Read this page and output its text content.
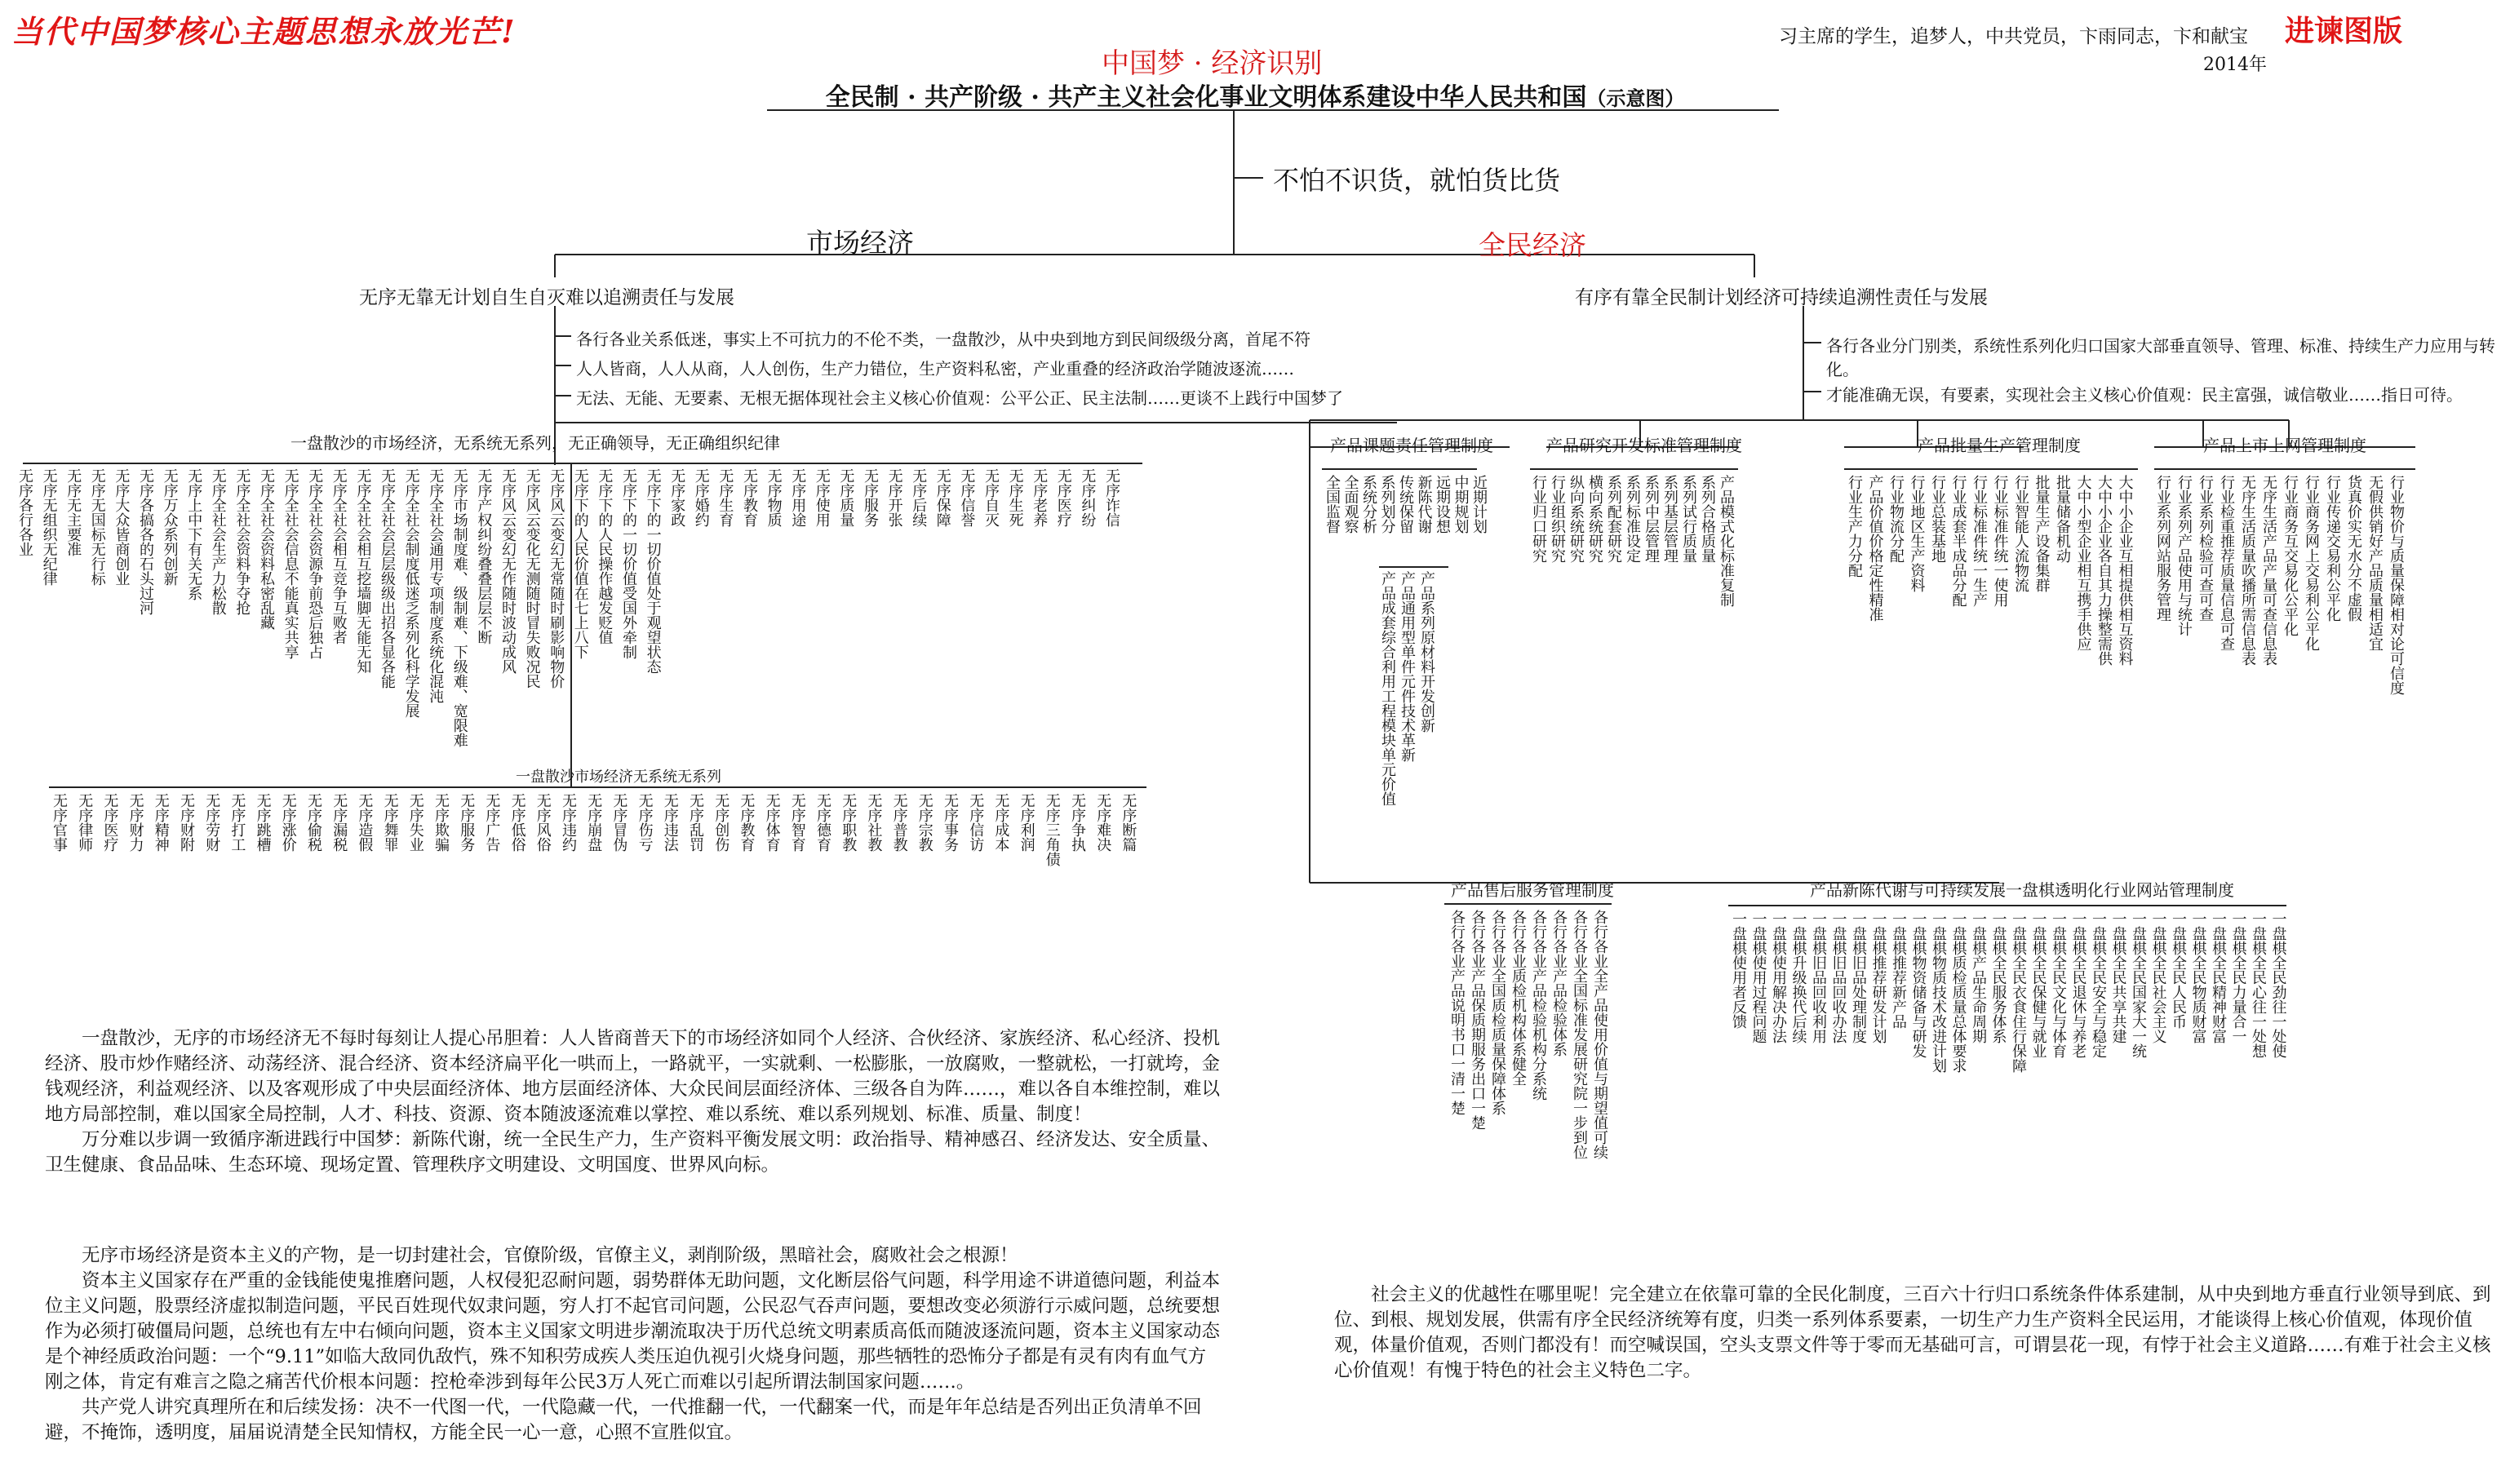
当代中国梦核心主题思想永放光芒!	进谏图版
习主席的学生，追梦人，中共党员，卞雨同志，卞和献宝
2014年
中国梦 · 经济识别
全民制 · 共产阶级 · 共产主义社会化事业文明体系建设中华人民共和国（示意图）
不怕不识货，就怕货比货
市场经济	全民经济
无序无靠无计划自生自灭难以追溯责任与发展	有序有靠全民制计划经济可持续追溯性责任与发展
各行各业关系低迷，事实上不可抗力的不伦不类，一盘散沙，从中央到地方到民间级级分离，首尾不符
人人皆商，人人从商，人人创伤，生产力错位，生产资料私密，产业重叠的经济政治学随波逐流……
无法、无能、无要素、无根无据体现社会主义核心价值观：公平公正、民主法制……更谈不上践行中国梦了
各行各业分门别类，系统性系列化归口国家大部垂直领导、管理、标准、持续生产力应用与转化。
才能准确无误，有要素，实现社会主义核心价值观：民主富强，诚信敬业……指日可待。
一盘散沙的市场经济，无系统无系列，无正确领导，无正确组织纪律
一盘散沙市场经济无系统无系列
产品课题责任管理制度	产品研究开发标准管理制度	产品批量生产管理制度	产品上市上网管理制度
产品售后服务管理制度	产品新陈代谢与可持续发展一盘棋透明化行业网站管理制度
无序各行各业 无序无组织无纪律 无序无主要准 无序无国标无行标 无序大众皆商创业 无序各搞各的石头过河 无序万众系列创新 无序上中下有关无系 无序全社会生产力松散 无序全社会资料争夺抢 无序全社会资料私密乱藏 无序全社会信息不能真实共享 无序全社会资源争前恐后独占 无序全社会相互竞争互败者 无序全社会相互挖墙脚无能无知 无序全社会层层级级出招各显各能 无序全社会制度低迷乏系列化科学发展 无序全社会通用专项制度系统化混沌 无序市场制度难、级制难、下级难、宽限难 无序产权纠纷叠叠层层不断 无序风云变幻无作随时波动成风 无序风云变化无测随时冒失败况民 无序风云变幻无常随时刷影响物价 无序下的人民价值在七上八下 无序下的人民操作越发贬值 无序下的一切价值受国外牵制 无序下的一切价值处于观望状态 无序家政 无序婚约 无序生育 无序教育 无序物质 无序用途 无序使用 无序质量 无序服务 无序开张 无序后续 无序保障 无序信誉 无序自灭 无序生死 无序老养 无序医疗 无序纠纷 无序诈信
无序官事 无序律师 无序医疗 无序财力 无序精神 无序财附 无序劳财 无序打工 无序跳槽 无序涨价 无序偷税 无序漏税 无序造假 无序舞罪 无序失业 无序欺骗 无序服务 无序广告 无序低俗 无序风俗 无序违约 无序崩盘 无序冒伪 无序伤亏 无序违法 无序乱罚 无序创伤 无序教育 无序体育 无序智育 无序德育 无序职教 无序社教 无序普教 无序宗教 无序事务 无序信访 无序成本 无序利润 无序三角债 无序争执 无序难决 无序断篇
全国监督 全面观察 系统分析 系列划分 传统保留 新陈代谢 远期设想 中期规划 近期计划
产品成套综合利用工程模块单元价值 产品通用型单件元件技术革新 产品系列原材料开发创新
行业归口研究 行业组织研究 纵向系统研究 横向系统研究 系列配套研究 系列标准设定 系列中层管理 系列基层管理 系列试行质量 系列合格质量 产品模式化标准复制	行业生产力分配 产品价值价格定性精准 行业物流分配 行业地区生产资料 行业总装基地 行业成套半成品分配 行业标准件统一生产 行业标准件统一使用 行业智能人流物流 批量生产设备集群 批量储备机动 大中小型企业相互携手供应 大中小企业各自其力操整需供 大中小企业互相提供相互资料 行业系列网站服务管理 行业系列产品使用与统计 行业系列检验可查可查 行业检重推荐质量信息可查 无序生活质量吹播所需信息表 无序生活产品产量可查信息表 行业商务互交易化公平化 行业商务网上交易利公平化 行业传递交易利公平化 货真价实无水分不虚假 无假供销好产品质量相适宜 行业物价与质量保障相对论可信度
各行各业产品说明书口一清一楚 各行各业产品保质期服务出口一楚 各行各业全国质检质量保障体系 各行各业质检机构体系健全 各行各业产品检验机构分系统 各行各业产品检验体系 各行各业全国标准发展研究院一步到位 各行各业全产品使用价值与期望值可续	一盘棋使用者反馈 一盘棋使用过程问题 一盘棋使用解决办法 一盘棋升级换代后续 一盘棋旧品回收利用 一盘棋旧品回收办法 一盘棋旧品处理制度 一盘棋推荐研发计划 一盘棋推荐新产品 一盘棋物资储备与研发 一盘棋物质技术改进计划 一盘棋质检质量总体要求 一盘棋产品生命周期 一盘棋全民服务体系 一盘棋全民衣食住行保障 一盘棋全民保健与就业 一盘棋全民文化与体育 一盘棋全民退休与养老 一盘棋全民安全与稳定 一盘棋全民共享共建 一盘棋全民国家大一统 一盘棋全民社会主义 一盘棋全民人民币 一盘棋全民物质财富 一盘棋全民精神财富 一盘棋全民力量合一 一盘棋全民心往一处想 一盘棋全民劲往一处使

一盘散沙，无序的市场经济无不每时每刻让人提心吊胆着：人人皆商普天下的市场经济如同个人经济、合伙经济、家族经济、私心经济、投机经济、股市炒作赌经济、动荡经济、混合经济、资本经济扁平化一哄而上，一路就平，一实就剩、一松膨胀，一放腐败，一整就松，一打就垮，金钱观经济，利益观经济、以及客观形成了中央层面经济体、地方层面经济体、大众民间层面经济体、三级各自为阵……，难以各自本维控制，难以地方局部控制，难以国家全局控制，人才、科技、资源、资本随波逐流难以掌控、难以系统、难以系列规划、标准、质量、制度！

万分难以步调一致循序渐进践行中国梦：新陈代谢，统一全民生产力，生产资料平衡发展文明：政治指导、精神感召、经济发达、安全质量、卫生健康、食品品味、生态环境、现场定置、管理秩序文明建设、文明国度、世界风向标。

无序市场经济是资本主义的产物，是一切封建社会，官僚阶级，官僚主义，剥削阶级，黑暗社会，腐败社会之根源！

资本主义国家存在严重的金钱能使鬼推磨问题，人权侵犯忍耐问题，弱势群体无助问题，文化断层俗气问题，科学用途不讲道德问题，利益本位主义问题，股票经济虚拟制造问题，平民百姓现代奴隶问题，穷人打不起官司问题，公民忍气吞声问题，要想改变必须游行示威问题，总统要想作为必须打破僵局问题，总统也有左中右倾向问题，资本主义国家文明进步潮流取决于历代总统文明素质高低而随波逐流问题，资本主义国家动态是个神经质政治问题：一个“9.11”如临大敌同仇敌忾，殊不知积劳成疾人类压迫仇视引火烧身问题，那些牺牲的恐怖分子都是有灵有肉有血气方刚之体，肯定有难言之隐之痛苦代价根本问题：控枪牵涉到每年公民3万人死亡而难以引起所谓法制国家问题……。

共产党人讲究真理所在和后续发扬：决不一代图一代，一代隐藏一代，一代推翻一代，一代翻案一代，而是年年总结是否列出正负清单不回避，不掩饰，透明度，届届说清楚全民知情权，方能全民一心一意，心照不宣胜似宜。

社会主义的优越性在哪里呢！完全建立在依靠可靠的全民化制度，三百六十行归口系统条件体系建制，从中央到地方垂直行业领导到底、到位、到根、规划发展，供需有序全民经济统筹有度，归类一系列体系要素，一切生产力生产资料全民运用，才能谈得上核心价值观，体现价值观，体量价值观，否则门都没有！而空喊误国，空头支票文件等于零而无基础可言，可谓昙花一现，有悖于社会主义道路……有难于社会主义核心价值观！有愧于特色的社会主义特色二字。
